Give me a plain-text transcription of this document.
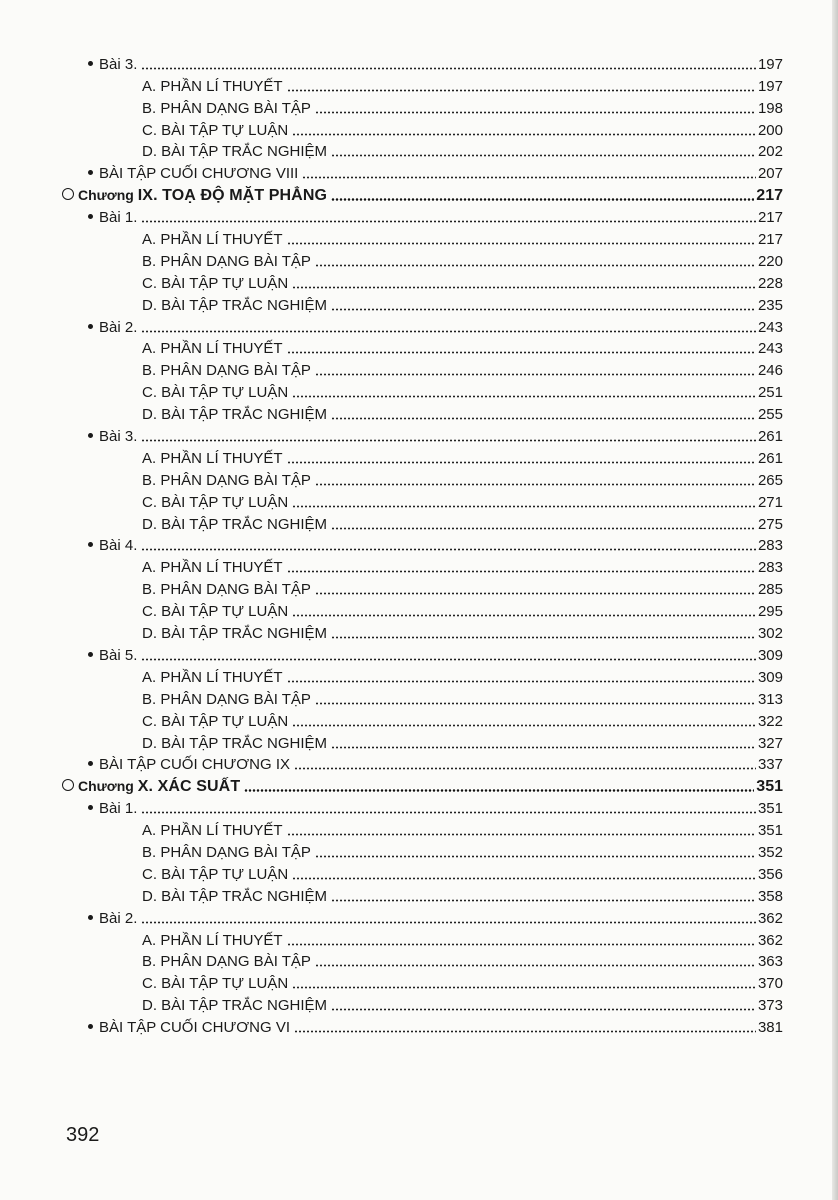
Bài 3.	197
A. PHẦN LÍ THUYẾT	197
B. PHÂN DẠNG BÀI TẬP	198
C. BÀI TẬP TỰ LUẬN	200
D. BÀI TẬP TRẮC NGHIỆM	202
BÀI TẬP CUỐI CHƯƠNG VIII	207
Chương IX. TOẠ ĐỘ MẶT PHẲNG	217
Bài 1.	217
A. PHẦN LÍ THUYẾT	217
B. PHÂN DẠNG BÀI TẬP	220
C. BÀI TẬP TỰ LUẬN	228
D. BÀI TẬP TRẮC NGHIỆM	235
Bài 2.	243
A. PHẦN LÍ THUYẾT	243
B. PHÂN DẠNG BÀI TẬP	246
C. BÀI TẬP TỰ LUẬN	251
D. BÀI TẬP TRẮC NGHIỆM	255
Bài 3.	261
A. PHẦN LÍ THUYẾT	261
B. PHÂN DẠNG BÀI TẬP	265
C. BÀI TẬP TỰ LUẬN	271
D. BÀI TẬP TRẮC NGHIỆM	275
Bài 4.	283
A. PHẦN LÍ THUYẾT	283
B. PHÂN DẠNG BÀI TẬP	285
C. BÀI TẬP TỰ LUẬN	295
D. BÀI TẬP TRẮC NGHIỆM	302
Bài 5.	309
A. PHẦN LÍ THUYẾT	309
B. PHÂN DẠNG BÀI TẬP	313
C. BÀI TẬP TỰ LUẬN	322
D. BÀI TẬP TRẮC NGHIỆM	327
BÀI TẬP CUỐI CHƯƠNG IX	337
Chương X. XÁC SUẤT	351
Bài 1.	351
A. PHẦN LÍ THUYẾT	351
B. PHÂN DẠNG BÀI TẬP	352
C. BÀI TẬP TỰ LUẬN	356
D. BÀI TẬP TRẮC NGHIỆM	358
Bài 2.	362
A. PHẦN LÍ THUYẾT	362
B. PHÂN DẠNG BÀI TẬP	363
C. BÀI TẬP TỰ LUẬN	370
D. BÀI TẬP TRẮC NGHIỆM	373
BÀI TẬP CUỐI CHƯƠNG VI	381
392
